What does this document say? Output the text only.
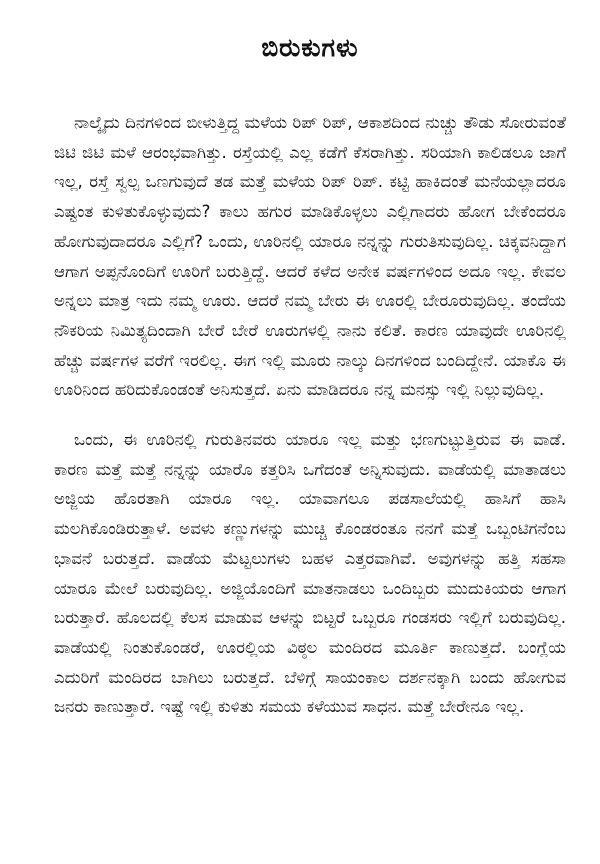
ಬಿರುಕುಗಳು

ನಾಲ್ಕೈದು ದಿನಗಳಿಂದ ಬೀಳುತ್ತಿದ್ದ ಮಳೆಯ ರಿಪ್ ರಿಪ್, ಆಕಾಶದಿಂದ ನುಚ್ಚು ತೌಡು ಸೋರುವಂತೆ ಜಿಟಿ ಜಿಟಿ ಮಳೆ ಆರಂಭವಾಗಿತ್ತು. ರಸ್ತೆಯಲ್ಲಿ ಎಲ್ಲ ಕಡೆಗೆ ಕೆಸರಾಗಿತ್ತು. ಸರಿಯಾಗಿ ಕಾಲಿಡಲೂ ಜಾಗೆ ಇಲ್ಲ, ರಸ್ತೆ ಸ್ವಲ್ಪ ಒಣಗುವುದೆ ತಡ ಮತ್ತೆ ಮಳೆಯ ರಿಪ್ ರಿಪ್. ಕಟ್ಟಿ ಹಾಕಿದಂತೆ ಮನೆಯಲ್ಲಾದರೂ ಎಷ್ಟಂತ ಕುಳಿತುಕೊಳ್ಳುವುದು? ಕಾಲು ಹಗುರ ಮಾಡಿಕೊಳ್ಳಲು ಎಲ್ಲಿಗಾದರು ಹೋಗ ಬೇಕೆಂದರೂ ಹೋಗುವುದಾದರೂ ಎಲ್ಲಿಗೆ? ಒಂದು, ಊರಿನಲ್ಲಿ ಯಾರೂ ನನ್ನನ್ನು ಗುರುತಿಸುವುದಿಲ್ಲ. ಚಿಕ್ಕವನಿದ್ದಾಗ ಆಗಾಗ ಅಪ್ಪನೊಂದಿಗೆ ಊರಿಗೆ ಬರುತ್ತಿದ್ದೆ. ಆದರೆ ಕಳೆದ ಅನೇಕ ವರ್ಷಗಳಿಂದ ಅದೂ ಇಲ್ಲ. ಕೇವಲ ಅನ್ನಲು ಮಾತ್ರ ಇದು ನಮ್ಮ ಊರು. ಆದರೆ ನಮ್ಮ ಬೇರು ಈ ಊರಲ್ಲಿ ಬೇರೂರುವುದಿಲ್ಲ. ತಂದೆಯ ನೌಕರಿಯ ನಿಮಿತ್ಯದಿಂದಾಗಿ ಬೇರೆ ಬೇರೆ ಊರುಗಳಲ್ಲಿ ನಾನು ಕಲಿತೆ. ಕಾರಣ ಯಾವುದೇ ಊರಿನಲ್ಲಿ ಹೆಚ್ಚು ವರ್ಷಗಳ ವರೆಗೆ ಇರಲಿಲ್ಲ. ಈಗ ಇಲ್ಲಿ ಮೂರು ನಾಲ್ಕು ದಿನಗಳಿಂದ ಬಂದಿದ್ದೇನೆ. ಯಾಕೊ ಈ ಊರಿನಿಂದ ಹರಿದುಕೊಂಡಂತೆ ಅನಿಸುತ್ತದೆ. ಏನು ಮಾಡಿದರೂ ನನ್ನ ಮನಸ್ಸು ಇಲ್ಲಿ ನಿಲ್ಲುವುದಿಲ್ಲ.

ಒಂದು, ಈ ಊರಿನಲ್ಲಿ ಗುರುತಿನವರು ಯಾರೂ ಇಲ್ಲ ಮತ್ತು ಭಣಗುಟ್ಟುತ್ತಿರುವ ಈ ವಾಡೆ. ಕಾರಣ ಮತ್ತೆ ಮತ್ತೆ ನನ್ನನ್ನು ಯಾರೊ ಕತ್ತರಿಸಿ ಒಗೆದಂತೆ ಅನ್ನಿಸುವುದು. ವಾಡೆಯಲ್ಲಿ ಮಾತಾಡಲು ಅಜ್ಜಿಯ ಹೊರತಾಗಿ ಯಾರೂ ಇಲ್ಲ. ಯಾವಾಗಲೂ ಪಡಸಾಲೆಯಲ್ಲಿ ಹಾಸಿಗೆ ಹಾಸಿ ಮಲಗಿಕೊಂಡಿರುತ್ತಾಳೆ. ಅವಳು ಕಣ್ಣುಗಳನ್ನು ಮುಚ್ಚಿ ಕೊಂಡರಂತೂ ನನಗೆ ಮತ್ತೆ ಒಬ್ಬಂಟಿಗನೆಂಬ ಭಾವನೆ ಬರುತ್ತದೆ. ವಾಡೆಯ ಮೆಟ್ಟಲುಗಳು ಬಹಳ ಎತ್ತರವಾಗಿವೆ. ಅವುಗಳನ್ನು ಹತ್ತಿ ಸಹಸಾ ಯಾರೂ ಮೇಲೆ ಬರುವುದಿಲ್ಲ. ಅಜ್ಜಿಯೊಂದಿಗೆ ಮಾತನಾಡಲು ಒಂದಿಬ್ಬರು ಮುದುಕಿಯರು ಆಗಾಗ ಬರುತ್ತಾರೆ. ಹೊಲದಲ್ಲಿ ಕೆಲಸ ಮಾಡುವ ಆಳನ್ನು ಬಿಟ್ಟರೆ ಒಬ್ಬರೂ ಗಂಡಸರು ಇಲ್ಲಿಗೆ ಬರುವುದಿಲ್ಲ. ವಾಡೆಯಲ್ಲಿ ನಿಂತುಕೊಂಡರೆ, ಊರಲ್ಲಿಯ ವಿಠ್ಠಲ ಮಂದಿರದ ಮೂರ್ತಿ ಕಾಣುತ್ತದೆ. ಬಂಗ್ಲೆಯ ಎದುರಿಗೆ ಮಂದಿರದ ಬಾಗಿಲು ಬರುತ್ತದೆ. ಬೆಳಿಗ್ಗೆ ಸಾಯಂಕಾಲ ದರ್ಶನಕ್ಕಾಗಿ ಬಂದು ಹೋಗುವ ಜನರು ಕಾಣುತ್ತಾರೆ. ಇಷ್ಟೆ ಇಲ್ಲಿ ಕುಳಿತು ಸಮಯ ಕಳೆಯುವ ಸಾಧನ. ಮತ್ತೆ ಬೇರೇನೂ ಇಲ್ಲ.
